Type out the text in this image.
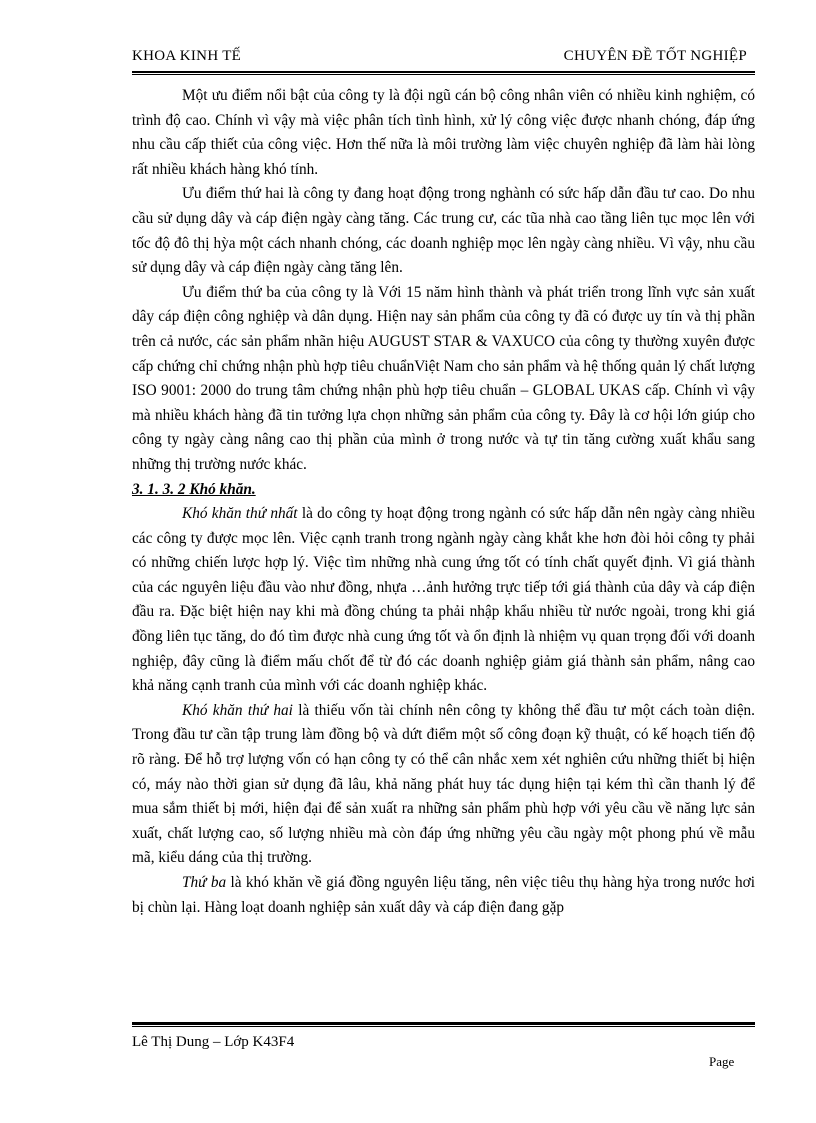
KHOA KINH TẾ	CHUYÊN ĐỀ TỐT NGHIỆP

Một ưu điểm nổi bật của công ty là đội ngũ cán bộ công nhân viên có nhiều kinh nghiệm, có trình độ cao. Chính vì vậy mà việc phân tích tình hình, xử lý công việc được nhanh chóng, đáp ứng nhu cầu cấp thiết của công việc. Hơn thế nữa là môi trường làm việc chuyên nghiệp đã làm hài lòng rất nhiều khách hàng khó tính.

Ưu điểm thứ hai là công ty đang hoạt động trong nghành có sức hấp dẫn đầu tư cao. Do nhu cầu sử dụng dây và cáp điện ngày càng tăng. Các trung cư, các tũa nhà cao tầng liên tục mọc lên với tốc độ đô thị hỳa một cách nhanh chóng, các doanh nghiệp mọc lên ngày càng nhiều. Vì vậy, nhu cầu sử dụng dây và cáp điện ngày càng tăng lên.

Ưu điểm thứ ba của công ty là Với 15 năm hình thành và phát triển trong lĩnh vực sản xuất dây cáp điện công nghiệp và dân dụng. Hiện nay sản phẩm của công ty đã có được uy tín và thị phần trên cả nước, các sản phẩm nhãn hiệu AUGUST STAR & VAXUCO của công ty thường xuyên được cấp chứng chỉ chứng nhận phù hợp tiêu chuẩnViệt Nam cho sản phẩm và hệ thống quản lý chất lượng ISO 9001: 2000 do trung tâm chứng nhận phù hợp tiêu chuẩn – GLOBAL UKAS cấp. Chính vì vậy mà nhiều khách hàng đã tin tưởng lựa chọn những sản phẩm của công ty. Đây là cơ hội lớn giúp cho công ty ngày càng nâng cao thị phần của mình ở trong nước và tự tin tăng cường xuất khẩu sang những thị trường nước khác.

3. 1. 3. 2 Khó khăn.

Khó khăn thứ nhất là do công ty hoạt động trong ngành có sức hấp dẫn nên ngày càng nhiều các công ty được mọc lên. Việc cạnh tranh trong ngành ngày càng khắt khe hơn đòi hỏi công ty phải có những chiến lược hợp lý. Việc tìm những nhà cung ứng tốt có tính chất quyết định. Vì giá thành của các nguyên liệu đầu vào như đồng, nhựa …ảnh hưởng trực tiếp tới giá thành của dây và cáp điện đầu ra. Đặc biệt hiện nay khi mà đồng chúng ta phải nhập khẩu nhiều từ nước ngoài, trong khi giá đồng liên tục tăng, do đó tìm được nhà cung ứng tốt và ổn định là nhiệm vụ quan trọng đối với doanh nghiệp, đây cũng là điểm mấu chốt để từ đó các doanh nghiệp giảm giá thành sản phẩm, nâng cao khả năng cạnh tranh của mình với các doanh nghiệp khác.

Khó khăn thứ hai là thiếu vốn tài chính nên công ty không thể đầu tư một cách toàn diện. Trong đầu tư cần tập trung làm đồng bộ và dứt điểm một số công đoạn kỹ thuật, có kế hoạch tiến độ rõ ràng. Để hỗ trợ lượng vốn có hạn công ty có thể cân nhắc xem xét nghiên cứu những thiết bị hiện có, máy nào thời gian sử dụng đã lâu, khả năng phát huy tác dụng hiện tại kém thì cần thanh lý để mua sắm thiết bị mới, hiện đại để sản xuất ra những sản phẩm phù hợp với yêu cầu về năng lực sản xuất, chất lượng cao, số lượng nhiều mà còn đáp ứng những yêu cầu ngày một phong phú về mẫu mã, kiểu dáng của thị trường.

Thứ ba là khó khăn về giá đồng nguyên liệu tăng, nên việc tiêu thụ hàng hỳa trong nước hơi bị chùn lại. Hàng loạt doanh nghiệp sản xuất dây và cáp điện đang gặp

Lê Thị Dung – Lớp K43F4
Page
